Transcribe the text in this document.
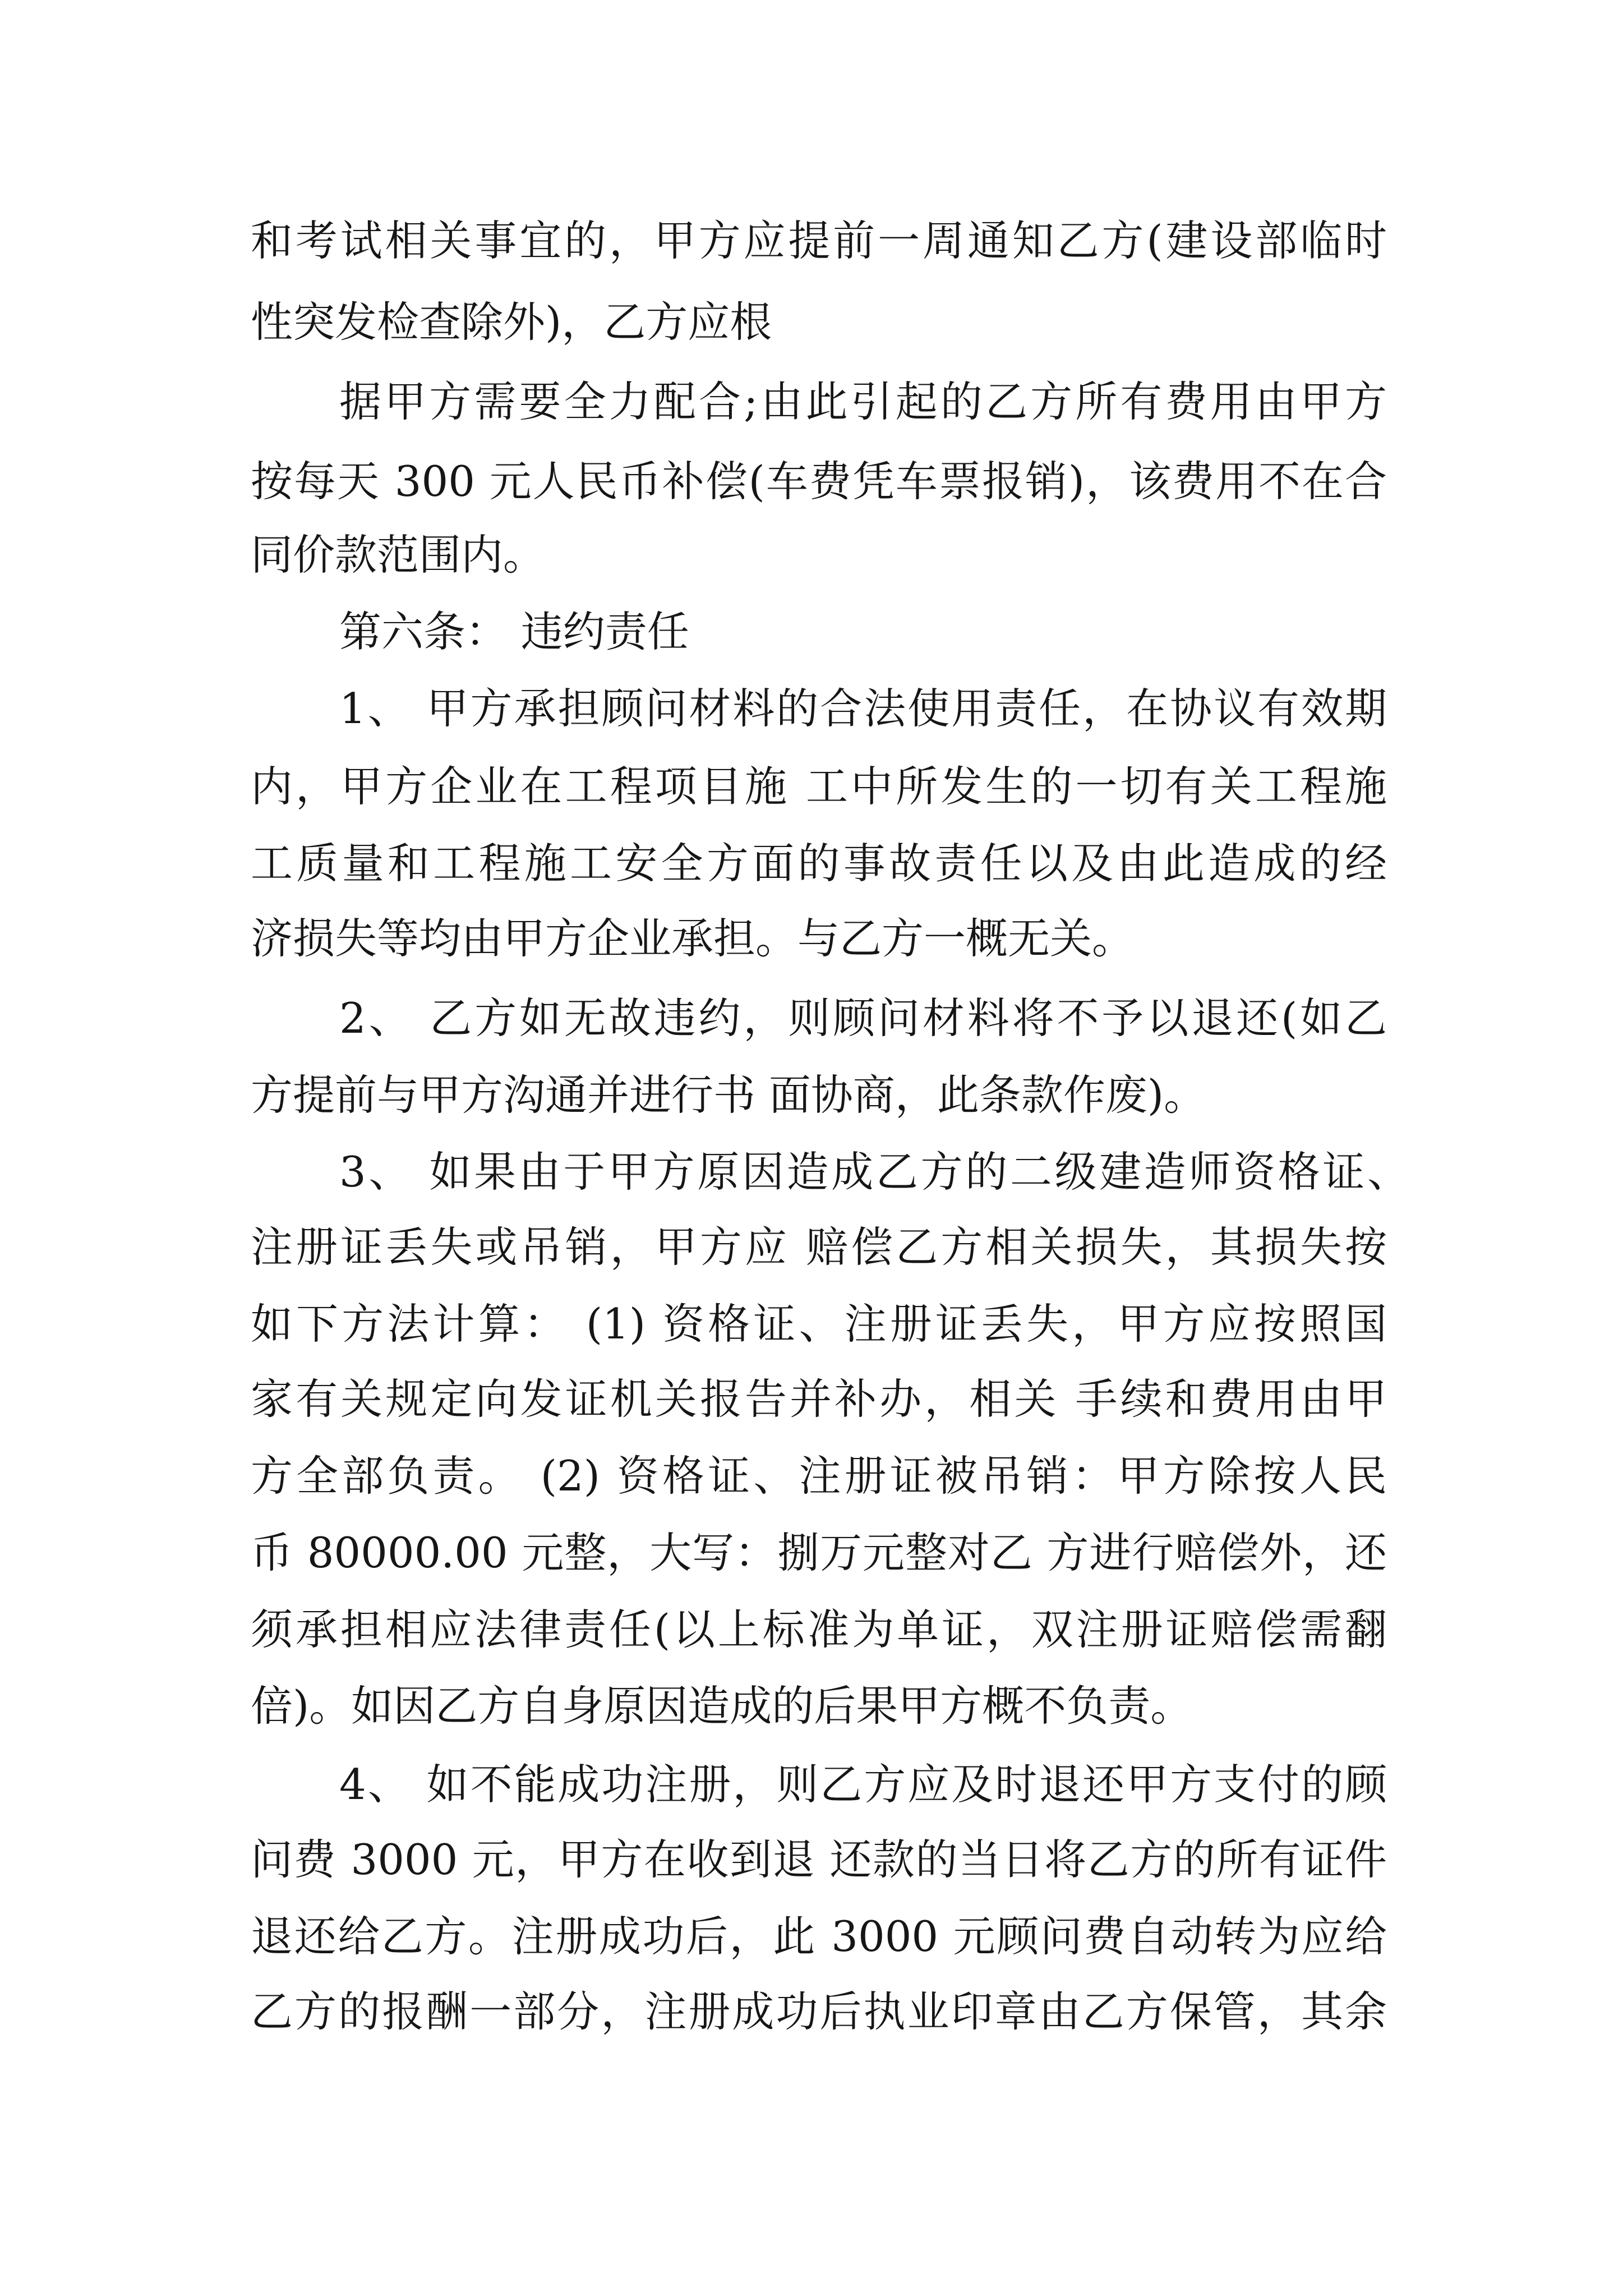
和考试相关事宜的，甲方应提前一周通知乙方(建设部临时
性突发检查除外)，乙方应根
据甲方需要全力配合;由此引起的乙方所有费用由甲方
按每天 300 元人民币补偿(车费凭车票报销)，该费用不在合
同价款范围内。
第六条： 违约责任
1、 甲方承担顾问材料的合法使用责任，在协议有效期
内，甲方企业在工程项目施 工中所发生的一切有关工程施
工质量和工程施工安全方面的事故责任以及由此造成的经
济损失等均由甲方企业承担。与乙方一概无关。
2、 乙方如无故违约，则顾问材料将不予以退还(如乙
方提前与甲方沟通并进行书 面协商，此条款作废)。
3、 如果由于甲方原因造成乙方的二级建造师资格证、
注册证丢失或吊销，甲方应 赔偿乙方相关损失，其损失按
如下方法计算： (1) 资格证、注册证丢失，甲方应按照国
家有关规定向发证机关报告并补办，相关 手续和费用由甲
方全部负责。 (2) 资格证、注册证被吊销：甲方除按人民
币 80000.00 元整，大写：捌万元整对乙 方进行赔偿外，还
须承担相应法律责任(以上标准为单证，双注册证赔偿需翻
倍)。如因乙方自身原因造成的后果甲方概不负责。
4、 如不能成功注册，则乙方应及时退还甲方支付的顾
问费 3000 元，甲方在收到退 还款的当日将乙方的所有证件
退还给乙方。注册成功后，此 3000 元顾问费自动转为应给
乙方的报酬一部分，注册成功后执业印章由乙方保管，其余
